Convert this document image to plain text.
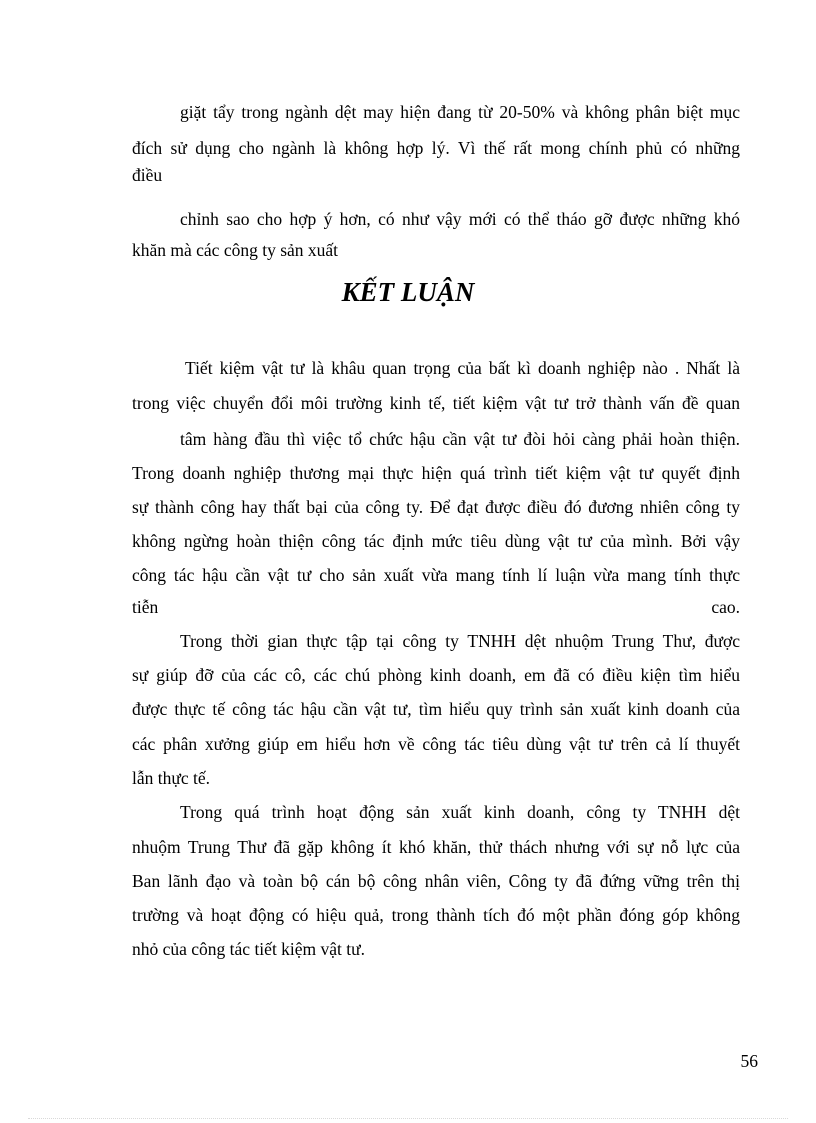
giặt tẩy trong ngành dệt may hiện đang từ 20-50% và không phân biệt mục

đích sử dụng cho ngành là không hợp lý. Vì thế rất mong chính phủ có những

điều

chỉnh sao cho hợp ý hơn, có như vậy mới có thể tháo gỡ được những khó

khăn mà các công ty sản xuất

KẾT LUẬN

Tiết kiệm vật tư là khâu quan trọng của bất kì doanh nghiệp nào . Nhất là

trong việc chuyển đổi môi trường kinh tế, tiết kiệm vật tư trở thành vấn đề quan

tâm hàng đầu thì việc tổ chức hậu cần vật tư đòi hỏi càng phải hoàn thiện.

Trong doanh nghiệp thương mại thực hiện quá trình tiết kiệm vật tư quyết định

sự thành công hay thất bại của công ty. Để đạt được điều đó đương nhiên công ty

không ngừng hoàn thiện công tác định mức tiêu dùng vật tư của mình. Bởi vậy

công tác hậu cần vật tư cho sản xuất vừa mang tính lí luận vừa mang tính thực

tiễn	cao.

Trong thời gian thực tập tại công ty TNHH dệt nhuộm Trung Thư, được

sự giúp đỡ của các cô, các chú phòng kinh doanh, em đã có điều kiện tìm hiểu

được thực tế công tác hậu cần vật tư, tìm hiểu quy trình sản xuất kinh doanh của

các phân xưởng giúp em hiểu hơn về công tác tiêu dùng vật tư trên cả lí thuyết

lẫn thực tế.

Trong quá trình hoạt động sản xuất kinh doanh, công ty TNHH dệt

nhuộm Trung Thư đã gặp không ít khó khăn, thử thách nhưng với sự nỗ lực của

Ban lãnh đạo và toàn bộ cán bộ công nhân viên, Công ty đã đứng vững trên thị

trường và hoạt động có hiệu quả, trong thành tích đó một phần đóng góp không

nhỏ của công tác tiết kiệm vật tư.

56
